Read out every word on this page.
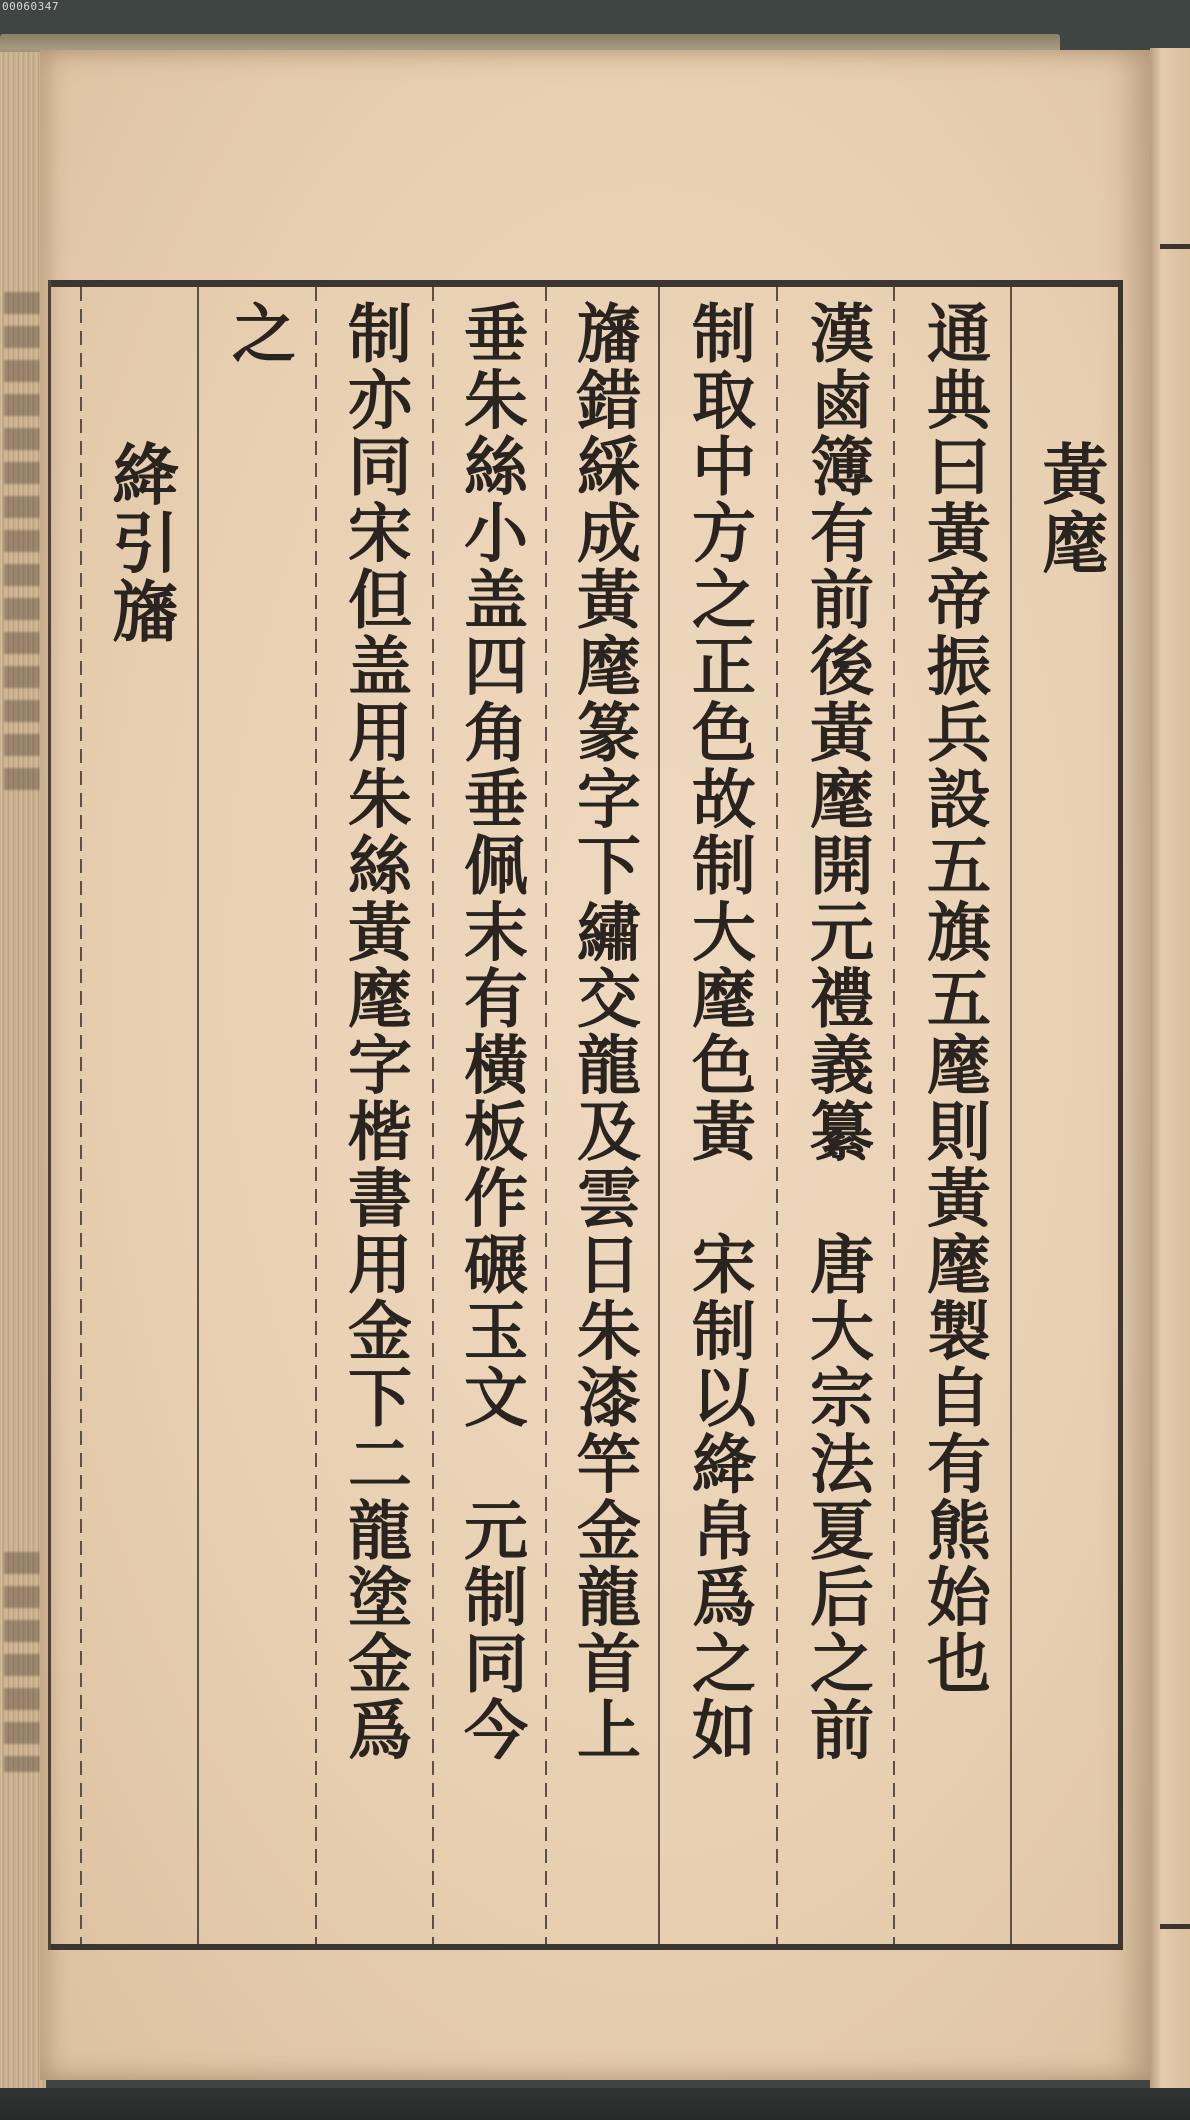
00060347
黃麾
通典曰黃帝振兵設五旗五麾則黃麾製自有熊始也
漢鹵簿有前後黃麾開元禮義纂　唐大宗法夏后之前
制取中方之正色故制大麾色黃　宋制以絳帛爲之如
旛錯綵成黃麾篆字下繡交龍及雲日朱漆竿金龍首上
垂朱絲小盖四角垂佩末有橫板作碾玉文　元制同今
制亦同宋但盖用朱絲黃麾字楷書用金下二龍塗金爲
之
絳引旛
